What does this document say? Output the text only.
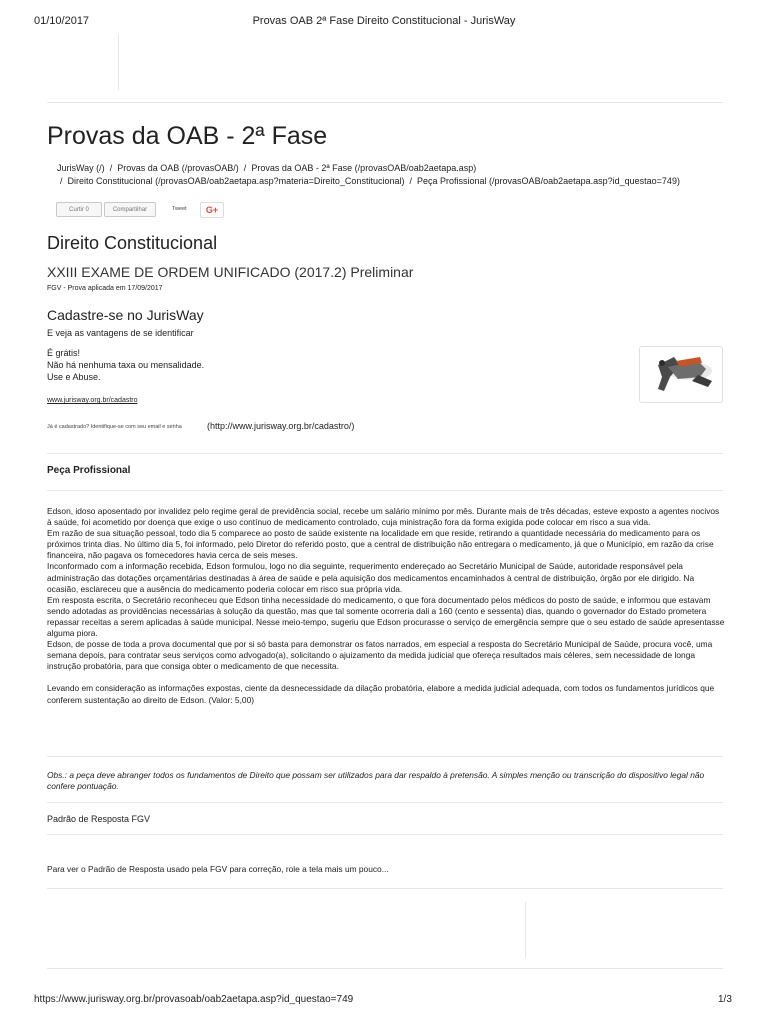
01/10/2017	Provas OAB 2ª Fase Direito Constitucional - JurisWay
Provas da OAB - 2ª Fase
JurisWay (/) / Provas da OAB (/provasOAB/) / Provas da OAB - 2ª Fase (/provasOAB/oab2aetapa.asp)
/ Direito Constitucional (/provasOAB/oab2aetapa.asp?materia=Direito_Constitucional) / Peça Profissional (/provasOAB/oab2aetapa.asp?id_questao=749)
Curtir 0	Compartilhar	Tweet	G+
Direito Constitucional
XXIII EXAME DE ORDEM UNIFICADO (2017.2) Preliminar
FGV - Prova aplicada em 17/09/2017
Cadastre-se no JurisWay
E veja as vantagens de se identificar
É grátis!
Não há nenhuma taxa ou mensalidade.
Use e Abuse.
www.jurisway.org.br/cadastro
Já é cadastrado? Identifique-se com seu email e senha	(http://www.jurisway.org.br/cadastro/)
Peça Profissional

Edson, idoso aposentado por invalidez pelo regime geral de previdência social, recebe um salário mínimo por mês. Durante mais de três décadas, esteve exposto a agentes nocivos à saúde, foi acometido por doença que exige o uso contínuo de medicamento controlado, cuja ministração fora da forma exigida pode colocar em risco a sua vida.

Em razão de sua situação pessoal, todo dia 5 comparece ao posto de saúde existente na localidade em que reside, retirando a quantidade necessária do medicamento para os próximos trinta dias. No último dia 5, foi informado, pelo Diretor do referido posto, que a central de distribuição não entregara o medicamento, já que o Município, em razão da crise financeira, não pagava os fornecedores havia cerca de seis meses.

Inconformado com a informação recebida, Edson formulou, logo no dia seguinte, requerimento endereçado ao Secretário Municipal de Saúde, autoridade responsável pela administração das dotações orçamentárias destinadas à área de saúde e pela aquisição dos medicamentos encaminhados à central de distribuição, órgão por ele dirigido. Na ocasião, esclareceu que a ausência do medicamento poderia colocar em risco sua própria vida.

Em resposta escrita, o Secretário reconheceu que Edson tinha necessidade do medicamento, o que fora documentado pelos médicos do posto de saúde, e informou que estavam sendo adotadas as providências necessárias à solução da questão, mas que tal somente ocorreria dali a 160 (cento e sessenta) dias, quando o governador do Estado prometera repassar receitas a serem aplicadas à saúde municipal. Nesse meio-tempo, sugeriu que Edson procurasse o serviço de emergência sempre que o seu estado de saúde apresentasse alguma piora.

Edson, de posse de toda a prova documental que por si só basta para demonstrar os fatos narrados, em especial a resposta do Secretário Municipal de Saúde, procura você, uma semana depois, para contratar seus serviços como advogado(a), solicitando o ajuizamento da medida judicial que ofereça resultados mais céleres, sem necessidade de longa instrução probatória, para que consiga obter o medicamento de que necessita.

Levando em consideração as informações expostas, ciente da desnecessidade da dilação probatória, elabore a medida judicial adequada, com todos os fundamentos jurídicos que conferem sustentação ao direito de Edson. (Valor: 5,00)

Obs.: a peça deve abranger todos os fundamentos de Direito que possam ser utilizados para dar respaldo à pretensão. A simples menção ou transcrição do dispositivo legal não confere pontuação.
Padrão de Resposta FGV
Para ver o Padrão de Resposta usado pela FGV para correção, role a tela mais um pouco...
https://www.jurisway.org.br/provasoab/oab2aetapa.asp?id_questao=749	1/3
